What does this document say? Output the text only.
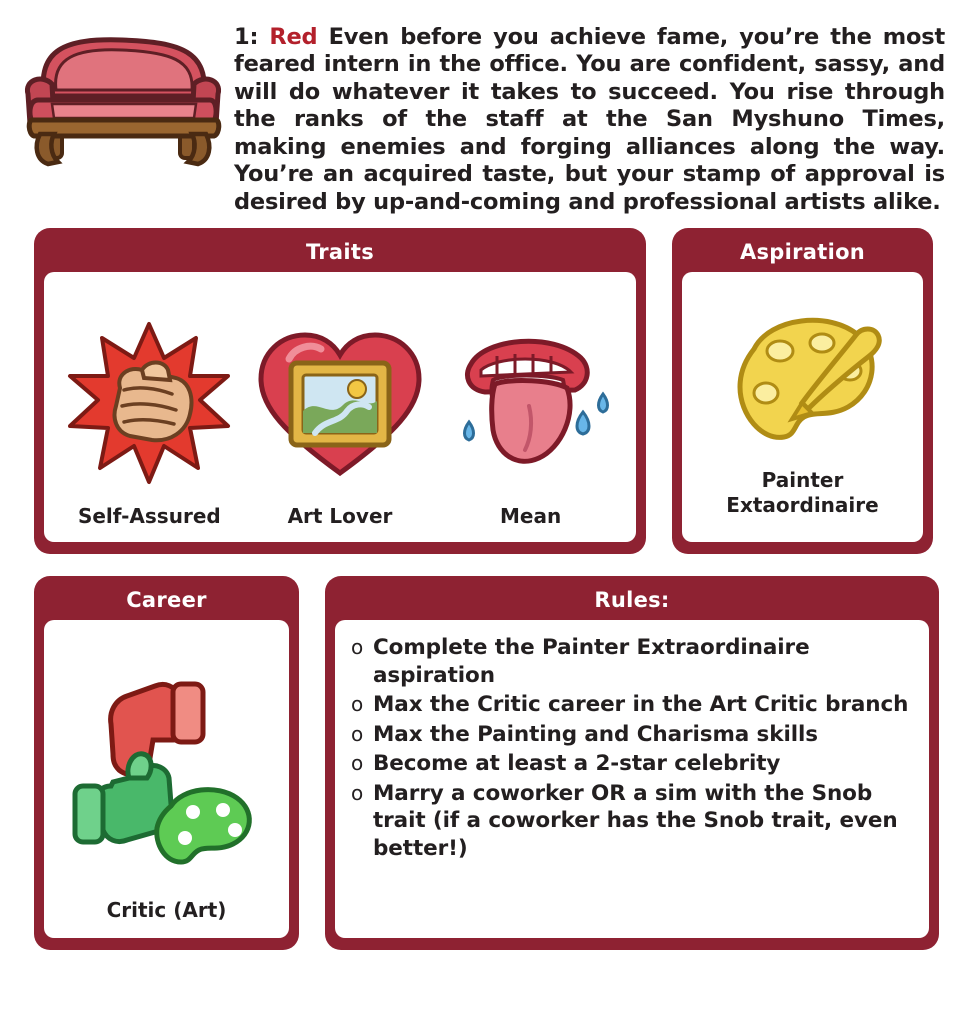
1: Red Even before you achieve fame, you’re the most feared intern in the office. You are confident, sassy, and will do whatever it takes to succeed. You rise through the ranks of the staff at the San Myshuno Times, making enemies and forging alliances along the way. You’re an acquired taste, but your stamp of approval is desired by up-and-coming and professional artists alike.
Traits
Self-Assured	Art Lover	Mean
Aspiration
Painter
Extaordinaire
Career
Critic (Art)
Rules:
o Complete the Painter Extraordinaire aspiration
o Max the Critic career in the Art Critic branch
o Max the Painting and Charisma skills
o Become at least a 2-star celebrity
o Marry a coworker OR a sim with the Snob trait (if a coworker has the Snob trait, even better!)
